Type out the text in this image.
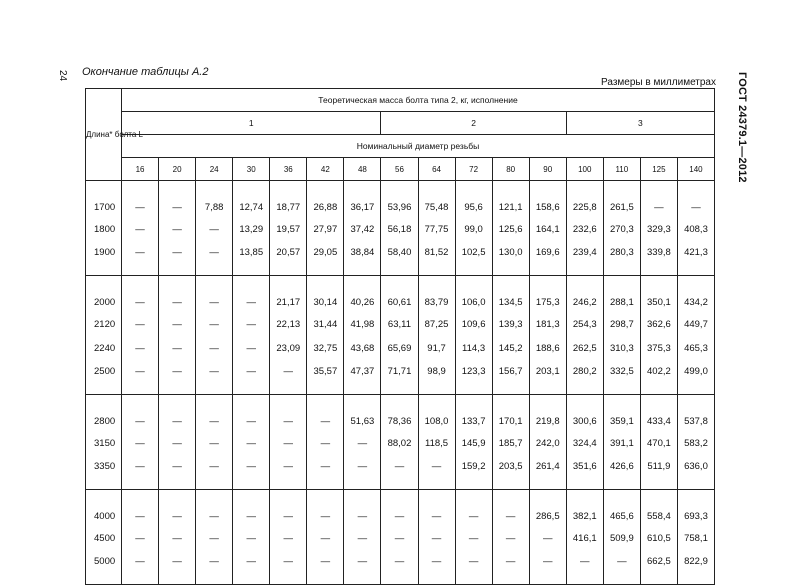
24 Окончание таблицы А.2
Размеры в миллиметрах ГОСТ 24379.1—2012
Длина* болта L	Теоретическая масса болта типа 2, кг, исполнение															
	1							2					3			
	Номинальный диаметр резьбы															
	16	20	24	30	36	42	48	56	64	72	80	90	100	110	125	140
1700	—	—	7,88	12,74	18,77	26,88	36,17	53,96	75,48	95,6	121,1	158,6	225,8	261,5	—	—
1800	—	—	—	13,29	19,57	27,97	37,42	56,18	77,75	99,0	125,6	164,1	232,6	270,3	329,3	408,3
1900	—	—	—	13,85	20,57	29,05	38,84	58,40	81,52	102,5	130,0	169,6	239,4	280,3	339,8	421,3
2000	—	—	—	—	21,17	30,14	40,26	60,61	83,79	106,0	134,5	175,3	246,2	288,1	350,1	434,2
2120	—	—	—	—	22,13	31,44	41,98	63,11	87,25	109,6	139,3	181,3	254,3	298,7	362,6	449,7
2240	—	—	—	—	23,09	32,75	43,68	65,69	91,7	114,3	145,2	188,6	262,5	310,3	375,3	465,3
2500	—	—	—	—	—	35,57	47,37	71,71	98,9	123,3	156,7	203,1	280,2	332,5	402,2	499,0
2800	—	—	—	—	—	—	51,63	78,36	108,0	133,7	170,1	219,8	300,6	359,1	433,4	537,8
3150	—	—	—	—	—	—	—	88,02	118,5	145,9	185,7	242,0	324,4	391,1	470,1	583,2
3350	—	—	—	—	—	—	—	—	—	159,2	203,5	261,4	351,6	426,6	511,9	636,0
4000	—	—	—	—	—	—	—	—	—	—	—	286,5	382,1	465,6	558,4	693,3
4500	—	—	—	—	—	—	—	—	—	—	—	—	416,1	509,9	610,5	758,1
5000	—	—	—	—	—	—	—	—	—	—	—	—	—	—	662,5	822,9
